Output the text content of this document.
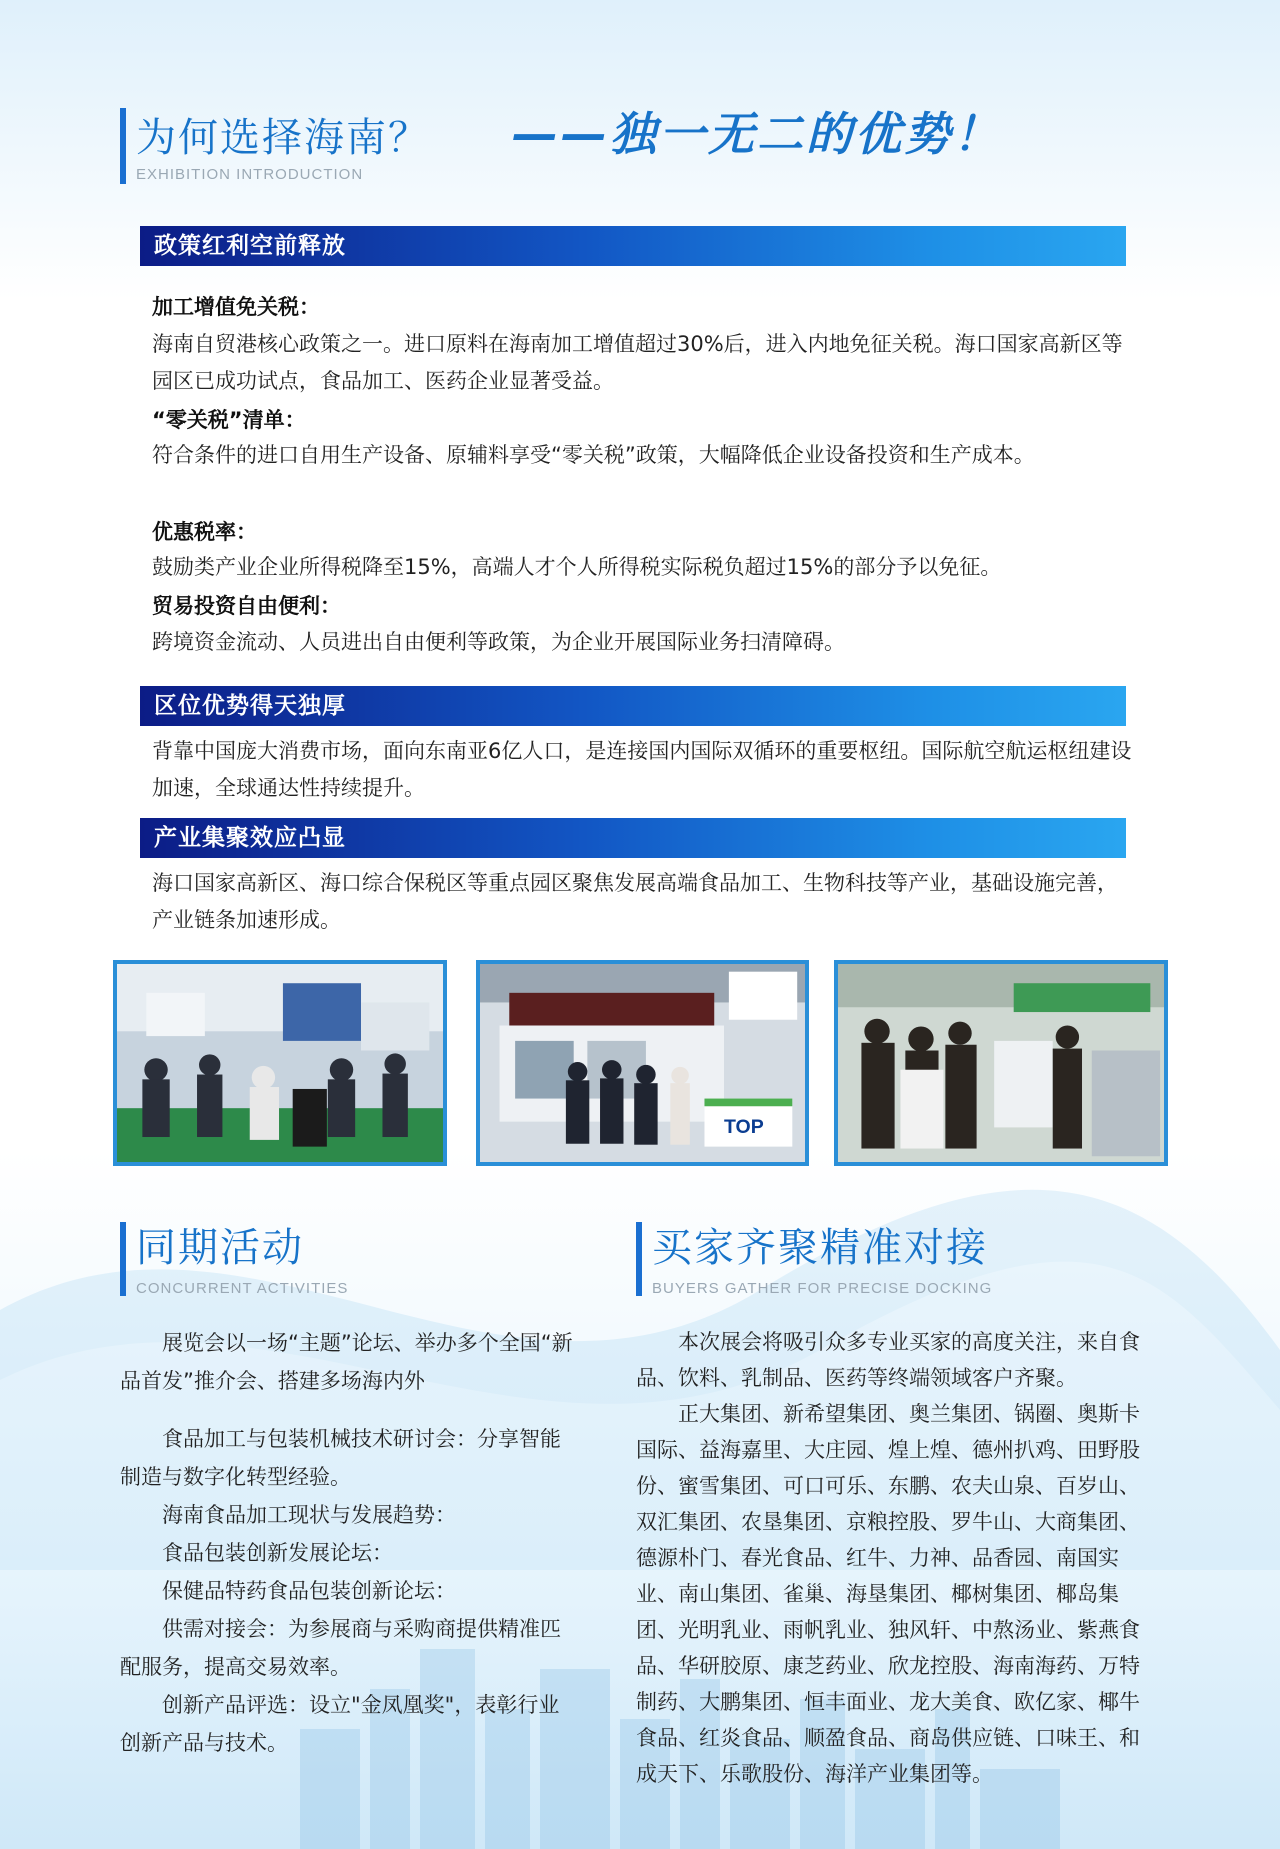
为何选择海南？
EXHIBITION INTRODUCTION
——独一无二的优势！
政策红利空前释放
加工增值免关税：
海南自贸港核心政策之一。进口原料在海南加工增值超过30%后，进入内地免征关税。海口国家高新区等园区已成功试点，食品加工、医药企业显著受益。
“零关税”清单：
符合条件的进口自用生产设备、原辅料享受“零关税”政策，大幅降低企业设备投资和生产成本。
优惠税率：
鼓励类产业企业所得税降至15%，高端人才个人所得税实际税负超过15%的部分予以免征。
贸易投资自由便利：
跨境资金流动、人员进出自由便利等政策，为企业开展国际业务扫清障碍。
区位优势得天独厚
背靠中国庞大消费市场，面向东南亚6亿人口，是连接国内国际双循环的重要枢纽。国际航空航运枢纽建设加速，全球通达性持续提升。
产业集聚效应凸显
海口国家高新区、海口综合保税区等重点园区聚焦发展高端食品加工、生物科技等产业，基础设施完善，产业链条加速形成。
TOP
同期活动
CONCURRENT ACTIVITIES

展览会以一场“主题”论坛、举办多个全国“新品首发”推介会、搭建多场海内外

食品加工与包装机械技术研讨会：分享智能制造与数字化转型经验。

海南食品加工现状与发展趋势：

食品包装创新发展论坛：

保健品特药食品包装创新论坛：

供需对接会：为参展商与采购商提供精准匹配服务，提高交易效率。

创新产品评选：设立"金凤凰奖"，表彰行业创新产品与技术。

买家齐聚精准对接
BUYERS GATHER FOR PRECISE DOCKING

本次展会将吸引众多专业买家的高度关注，来自食品、饮料、乳制品、医药等终端领域客户齐聚。

正大集团、新希望集团、奥兰集团、锅圈、奥斯卡国际、益海嘉里、大庄园、煌上煌、德州扒鸡、田野股份、蜜雪集团、可口可乐、东鹏、农夫山泉、百岁山、双汇集团、农垦集团、京粮控股、罗牛山、大商集团、德源朴门、春光食品、红牛、力神、品香园、南国实业、南山集团、雀巢、海垦集团、椰树集团、椰岛集团、光明乳业、雨帆乳业、独风轩、中熬汤业、紫燕食品、华研胶原、康芝药业、欣龙控股、海南海药、万特制药、大鹏集团、恒丰面业、龙大美食、欧亿家、椰牛食品、红炎食品、顺盈食品、商岛供应链、口味王、和成天下、乐歌股份、海洋产业集团等。
